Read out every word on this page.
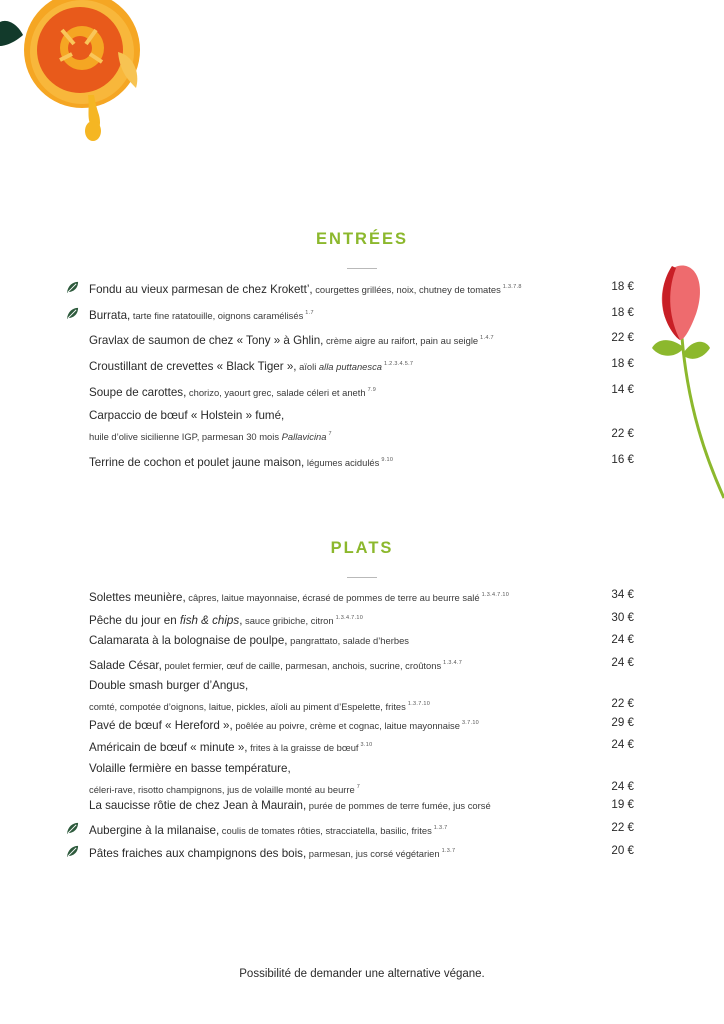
ENTRÉES
Fondu au vieux parmesan de chez Krokett’, courgettes grillées, noix, chutney de tomates $^{1.3.7.8}$	18 €
Burrata, tarte fine ratatouille, oignons caramélisés $^{1.7}$	18 €
Gravlax de saumon de chez « Tony » à Ghlin, crème aigre au raifort, pain au seigle $^{1.4.7}$	22 €
Croustillant de crevettes « Black Tiger », aïoli alla puttanesca $^{1.2.3.4.5.7}$	18 €
Soupe de carottes, chorizo, yaourt grec, salade céleri et aneth $^{7.9}$	14 €
Carpaccio de bœuf « Holstein » fumé,
huile d’olive sicilienne IGP, parmesan 30 mois Pallavicina $^7$	22 €
Terrine de cochon et poulet jaune maison, légumes acidulés $^{9.10}$	16 €
PLATS
Solettes meunière, câpres, laitue mayonnaise, écrasé de pommes de terre au beurre salé $^{1.3.4.7.10}$	34 €
Pêche du jour en fish & chips, sauce gribiche, citron $^{1.3.4.7.10}$	30 €
Calamarata à la bolognaise de poulpe, pangrattato, salade d’herbes	24 €
Salade César, poulet fermier, œuf de caille, parmesan, anchois, sucrine, croûtons $^{1.3.4.7}$	24 €
Double smash burger d’Angus,
comté, compotée d’oignons, laitue, pickles, aïoli au piment d’Espelette, frites $^{1.3.7.10}$	22 €
Pavé de bœuf « Hereford », poêlée au poivre, crème et cognac, laitue mayonnaise $^{3.7.10}$	29 €
Américain de bœuf « minute », frites à la graisse de bœuf $^{3.10}$	24 €
Volaille fermière en basse température,
céleri-rave, risotto champignons, jus de volaille monté au beurre $^7$	24 €
La saucisse rôtie de chez Jean à Maurain, purée de pommes de terre fumée, jus corsé	19 €
Aubergine à la milanaise, coulis de tomates rôties, stracciatella, basilic, frites $^{1.3.7}$	22 €
Pâtes fraiches aux champignons des bois, parmesan, jus corsé végétarien $^{1.3.7}$	20 €
Possibilité de demander une alternative végane.
